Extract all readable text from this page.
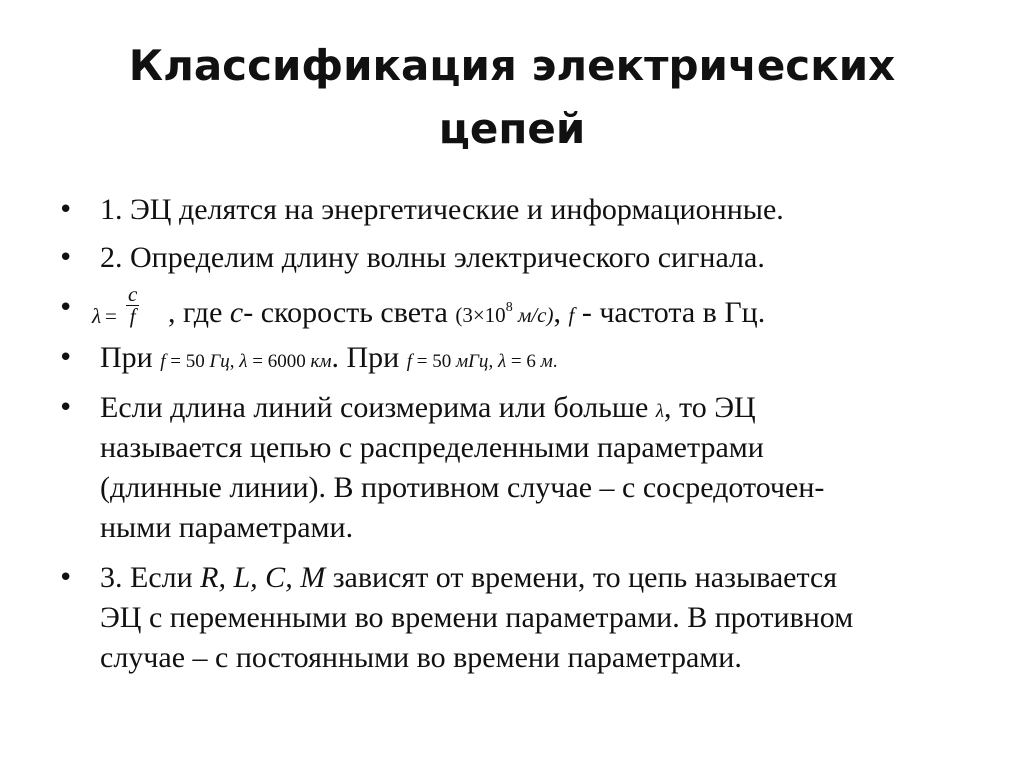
Классификация электрических
цепей
• 1. ЭЦ делятся на энергетические и информационные.
• 2. Определим длину волны электрического сигнала.
• $\lambda = \frac{c}{f}$ , где c- скорость света ($3\times 10^8$ м/с), f - частота в Гц.
• При f = 50 Гц, λ = 6000 км. При f = 50 мГц, λ = 6 м.
• Если длина линий соизмерима или больше λ, то ЭЦ
называется цепью с распределенными параметрами
(длинные линии). В противном случае – с сосредоточен-
ными параметрами.
• 3. Если R, L, C, M зависят от времени, то цепь называется
ЭЦ с переменными во времени параметрами. В противном
случае – с постоянными во времени параметрами.
